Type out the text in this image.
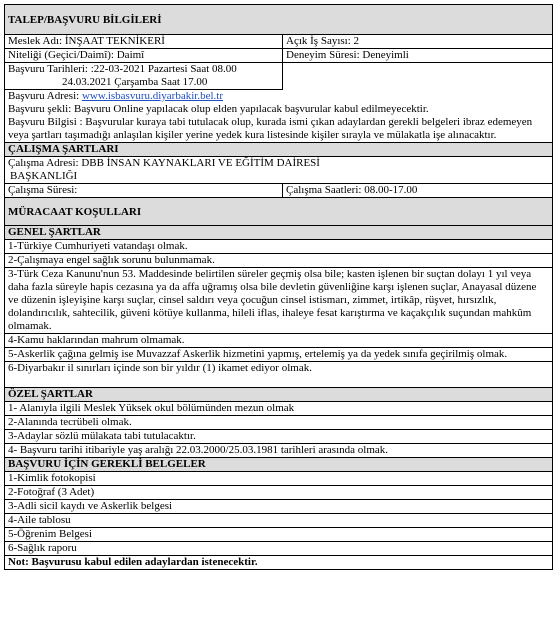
TALEP/BAŞVURU BİLGİLERİ
Meslek Adı: İNŞAAT TEKNİKERİ	Açık İş Sayısı: 2
Niteliği (Geçici/Daimî): Daimî	Deneyim Süresi: Deneyimli
Başvuru Tarihleri: :22-03-2021 Pazartesi Saat 08.00
24.03.2021 Çarşamba Saat 17.00
Başvuru Adresi: www.isbasvuru.diyarbakir.bel.tr
Başvuru şekli: Başvuru Online yapılacak olup elden yapılacak başvurular kabul edilmeyecektir.
Başvuru Bilgisi : Başvurular kuraya tabi tutulacak olup, kurada ismi çıkan adaylardan gerekli belgeleri ibraz edemeyen veya şartları taşımadığı anlaşılan kişiler yerine yedek kura listesinde kişiler sırayla ve mülakatla işe alınacaktır.
ÇALIŞMA ŞARTLARI
Çalışma Adresi: DBB İNSAN KAYNAKLARI VE EĞİTİM DAİRESİ
BAŞKANLIĞI
Çalışma Süresi:	Çalışma Saatleri: 08.00-17.00
MÜRACAAT KOŞULLARI
GENEL ŞARTLAR
1-Türkiye Cumhuriyeti vatandaşı olmak.
2-Çalışmaya engel sağlık sorunu bulunmamak.
3-Türk Ceza Kanunu'nun 53. Maddesinde belirtilen süreler geçmiş olsa bile; kasten işlenen bir suçtan dolayı 1 yıl veya daha fazla süreyle hapis cezasına ya da affa uğramış olsa bile devletin güvenliğine karşı işlenen suçlar, Anayasal düzene ve düzenin işleyişine karşı suçlar, cinsel saldırı veya çocuğun cinsel istismarı, zimmet, irtikâp, rüşvet, hırsızlık, dolandırıcılık, sahtecilik, güveni kötüye kullanma, hileli iflas, ihaleye fesat karıştırma ve kaçakçılık suçundan mahkûm olmamak.
4-Kamu haklarından mahrum olmamak.
5-Askerlik çağına gelmiş ise Muvazzaf Askerlik hizmetini yapmış, ertelemiş ya da yedek sınıfa geçirilmiş olmak.
6-Diyarbakır il sınırları içinde son bir yıldır (1) ikamet ediyor olmak.
ÖZEL ŞARTLAR
1- Alanıyla ilgili Meslek Yüksek okul bölümünden mezun olmak
2-Alanında tecrübeli olmak.
3-Adaylar sözlü mülakata tabi tutulacaktır.
4- Başvuru tarihi itibariyle yaş aralığı 22.03.2000/25.03.1981 tarihleri arasında olmak.
BAŞVURU İÇİN GEREKLİ BELGELER
1-Kimlik fotokopisi
2-Fotoğraf (3 Adet)
3-Adli sicil kaydı ve Askerlik belgesi
4-Aile tablosu
5-Öğrenim Belgesi
6-Sağlık raporu
Not: Başvurusu kabul edilen adaylardan istenecektir.
